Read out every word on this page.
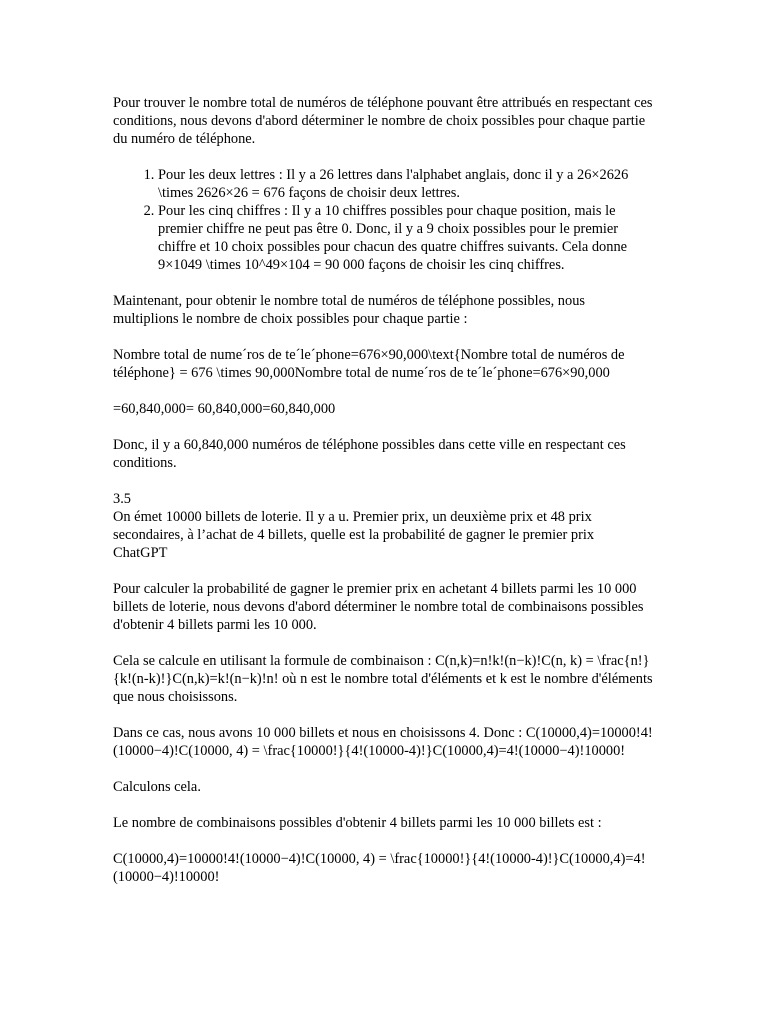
Pour trouver le nombre total de numéros de téléphone pouvant être attribués en respectant ces conditions, nous devons d'abord déterminer le nombre de choix possibles pour chaque partie du numéro de téléphone.

1. Pour les deux lettres : Il y a 26 lettres dans l'alphabet anglais, donc il y a 26×2626 \times 2626×26 = 676 façons de choisir deux lettres.
2. Pour les cinq chiffres : Il y a 10 chiffres possibles pour chaque position, mais le premier chiffre ne peut pas être 0. Donc, il y a 9 choix possibles pour le premier chiffre et 10 choix possibles pour chacun des quatre chiffres suivants. Cela donne 9×1049 \times 10^49×104 = 90 000 façons de choisir les cinq chiffres.

Maintenant, pour obtenir le nombre total de numéros de téléphone possibles, nous multiplions le nombre de choix possibles pour chaque partie :

Nombre total de nume´ros de te´le´phone=676×90,000\text{Nombre total de numéros de téléphone} = 676 \times 90,000Nombre total de nume´ros de te´le´phone=676×90,000

=60,840,000= 60,840,000=60,840,000

Donc, il y a 60,840,000 numéros de téléphone possibles dans cette ville en respectant ces conditions.

3.5

On émet 10000 billets de loterie. Il y a u. Premier prix, un deuxième prix et 48 prix secondaires, à l’achat de 4 billets, quelle est la probabilité de gagner le premier prix

ChatGPT

Pour calculer la probabilité de gagner le premier prix en achetant 4 billets parmi les 10 000 billets de loterie, nous devons d'abord déterminer le nombre total de combinaisons possibles d'obtenir 4 billets parmi les 10 000.

Cela se calcule en utilisant la formule de combinaison : C(n,k)=n!k!(n−k)!C(n, k) = \frac{n!}{k!(n-k)!}C(n,k)=k!(n−k)!n! où n est le nombre total d'éléments et k est le nombre d'éléments que nous choisissons.

Dans ce cas, nous avons 10 000 billets et nous en choisissons 4. Donc : C(10000,4)=10000!4!(10000−4)!C(10000, 4) = \frac{10000!}{4!(10000-4)!}C(10000,4)=4!(10000−4)!10000!

Calculons cela.

Le nombre de combinaisons possibles d'obtenir 4 billets parmi les 10 000 billets est :

C(10000,4)=10000!4!(10000−4)!C(10000, 4) = \frac{10000!}{4!(10000-4)!}C(10000,4)=4!(10000−4)!10000!
